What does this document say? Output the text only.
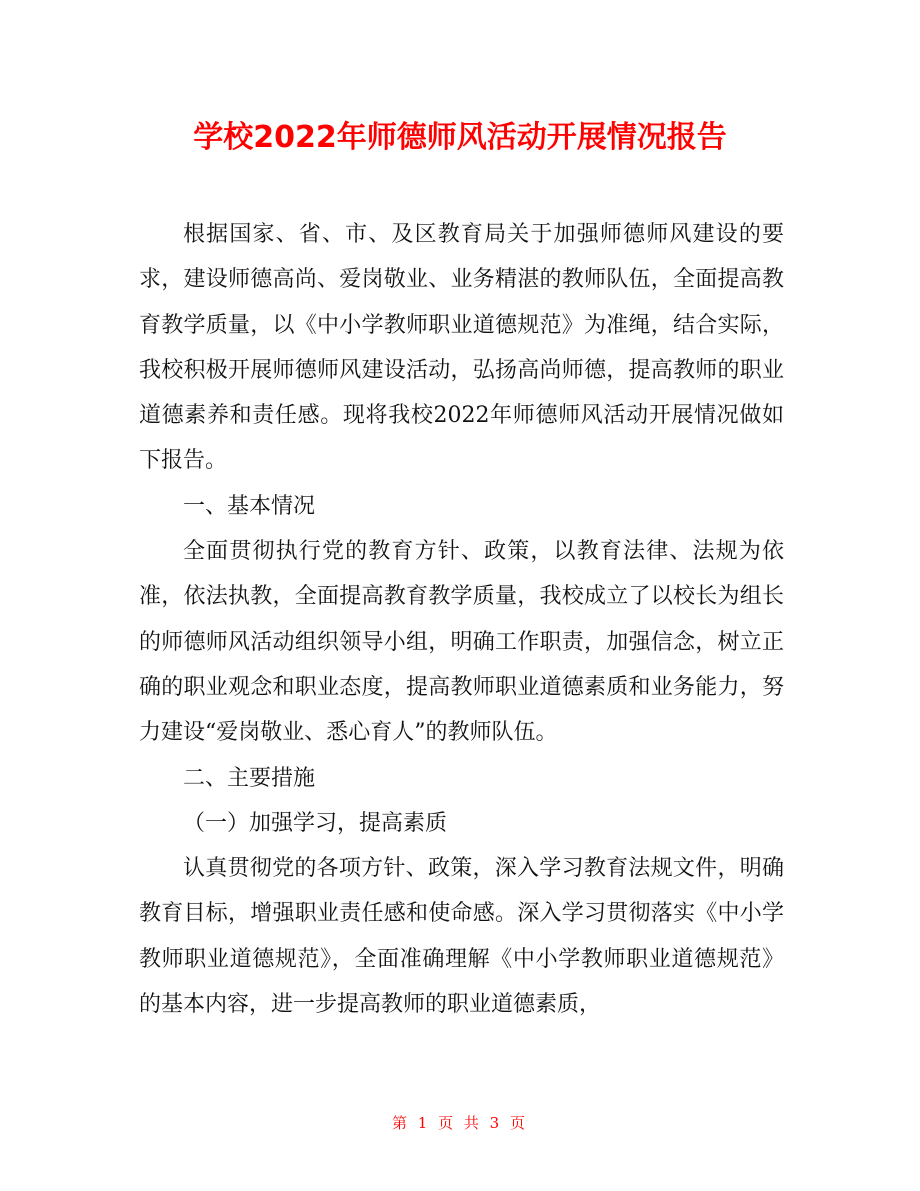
学校2022年师德师风活动开展情况报告

根据国家、省、市、及区教育局关于加强师德师风建设的要求，建设师德高尚、爱岗敬业、业务精湛的教师队伍，全面提高教育教学质量，以《中小学教师职业道德规范》为准绳，结合实际，我校积极开展师德师风建设活动，弘扬高尚师德，提高教师的职业道德素养和责任感。现将我校2022年师德师风活动开展情况做如下报告。

一、基本情况

全面贯彻执行党的教育方针、政策，以教育法律、法规为依准，依法执教，全面提高教育教学质量，我校成立了以校长为组长的师德师风活动组织领导小组，明确工作职责，加强信念，树立正确的职业观念和职业态度，提高教师职业道德素质和业务能力，努力建设“爱岗敬业、悉心育人”的教师队伍。

二、主要措施

（一）加强学习，提高素质

认真贯彻党的各项方针、政策，深入学习教育法规文件，明确教育目标，增强职业责任感和使命感。深入学习贯彻落实《中小学教师职业道德规范》，全面准确理解《中小学教师职业道德规范》的基本内容，进一步提高教师的职业道德素质，

第 1 页 共 3 页
